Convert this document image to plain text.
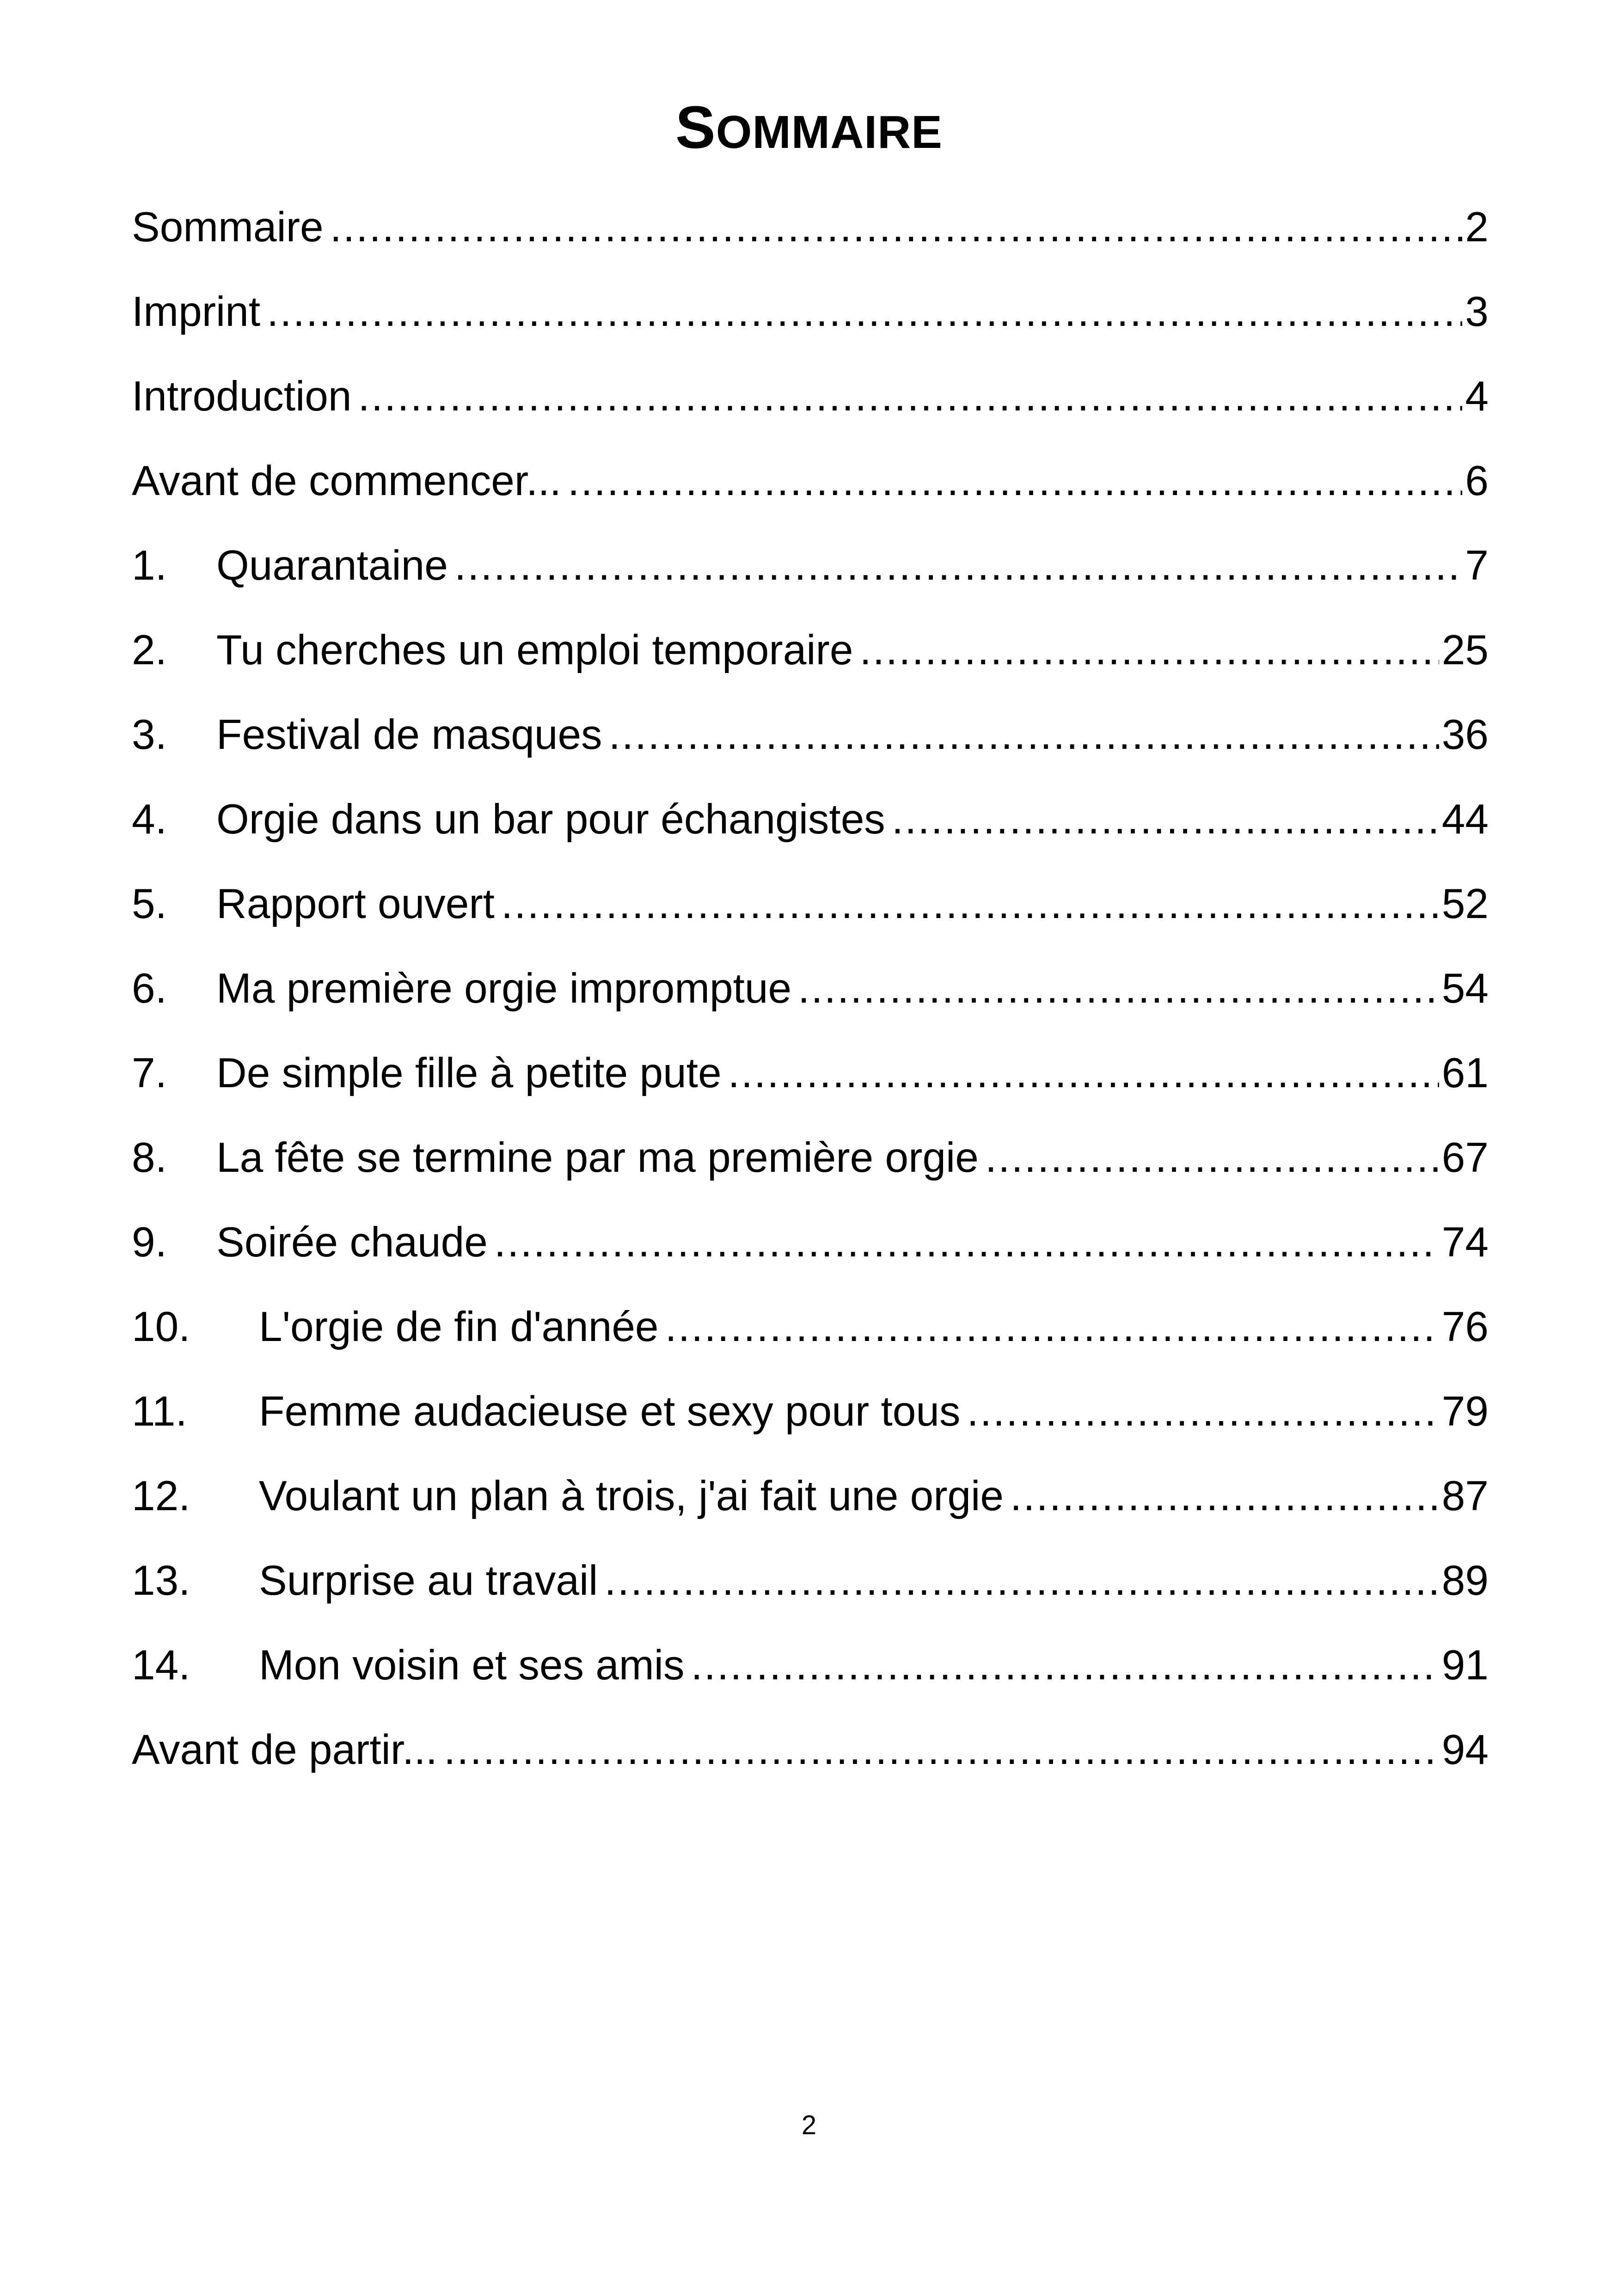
SOMMAIRE
Sommaire .....	2
Imprint .....	3
Introduction .....	4
Avant de commencer... .....	6
1.	Quarantaine .....	7
2.	Tu cherches un emploi temporaire .....	25
3.	Festival de masques .....	36
4.	Orgie dans un bar pour échangistes .....	44
5.	Rapport ouvert .....	52
6.	Ma première orgie impromptue .....	54
7.	De simple fille à petite pute .....	61
8.	La fête se termine par ma première orgie .....	67
9.	Soirée chaude .....	74
10.	L'orgie de fin d'année .....	76
11.	Femme audacieuse et sexy pour tous .....	79
12.	Voulant un plan à trois, j'ai fait une orgie .....	87
13.	Surprise au travail .....	89
14.	Mon voisin et ses amis .....	91
Avant de partir... .....	94
2
